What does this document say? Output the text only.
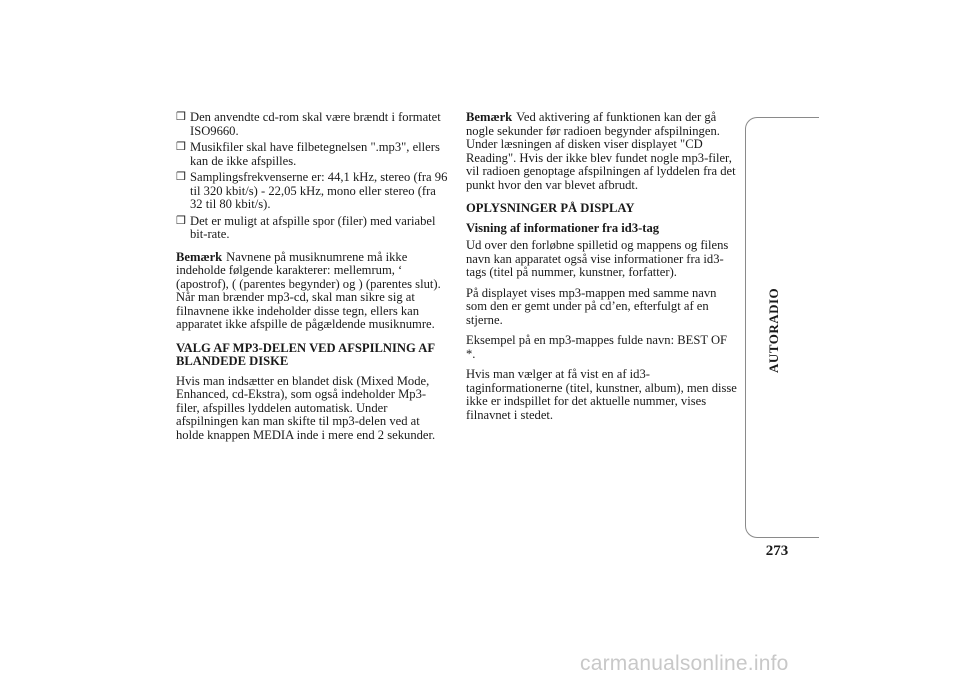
❒ Den anvendte cd-rom skal være brændt i formatet ISO9660.
❒ Musikfiler skal have filbetegnelsen ".mp3", ellers kan de ikke afspilles.
❒ Samplingsfrekvenserne er: 44,1 kHz, stereo (fra 96 til 320 kbit/s) - 22,05 kHz, mono eller stereo (fra 32 til 80 kbit/s).
❒ Det er muligt at afspille spor (filer) med variabel bit-rate.

Bemærk Navnene på musiknumrene må ikke indeholde følgende karakterer: mellemrum, ‘ (apostrof), ( (parentes begynder) og ) (parentes slut). Når man brænder mp3-cd, skal man sikre sig at filnavnene ikke indeholder disse tegn, ellers kan apparatet ikke afspille de pågældende musiknumre.

VALG AF MP3-DELEN VED AFSPILNING AF BLANDEDE DISKE

Hvis man indsætter en blandet disk (Mixed Mode, Enhanced, cd-Ekstra), som også indeholder Mp3-filer, afspilles lyddelen automatisk. Under afspilningen kan man skifte til mp3-delen ved at holde knappen MEDIA inde i mere end 2 sekunder.

Bemærk Ved aktivering af funktionen kan der gå nogle sekunder før radioen begynder afspilningen. Under læsningen af disken viser displayet "CD Reading". Hvis der ikke blev fundet nogle mp3-filer, vil radioen genoptage afspilningen af lyddelen fra det punkt hvor den var blevet afbrudt.

OPLYSNINGER PÅ DISPLAY
Visning af informationer fra id3-tag

Ud over den forløbne spilletid og mappens og filens navn kan apparatet også vise informationer fra id3-tags (titel på nummer, kunstner, forfatter).

På displayet vises mp3-mappen med samme navn som den er gemt under på cd’en, efterfulgt af en stjerne.

Eksempel på en mp3-mappes fulde navn: BEST OF *.

Hvis man vælger at få vist en af id3-taginformationerne (titel, kunstner, album), men disse ikke er indspillet for det aktuelle nummer, vises filnavnet i stedet.

AUTORADIO
273
carmanualsonline.info
